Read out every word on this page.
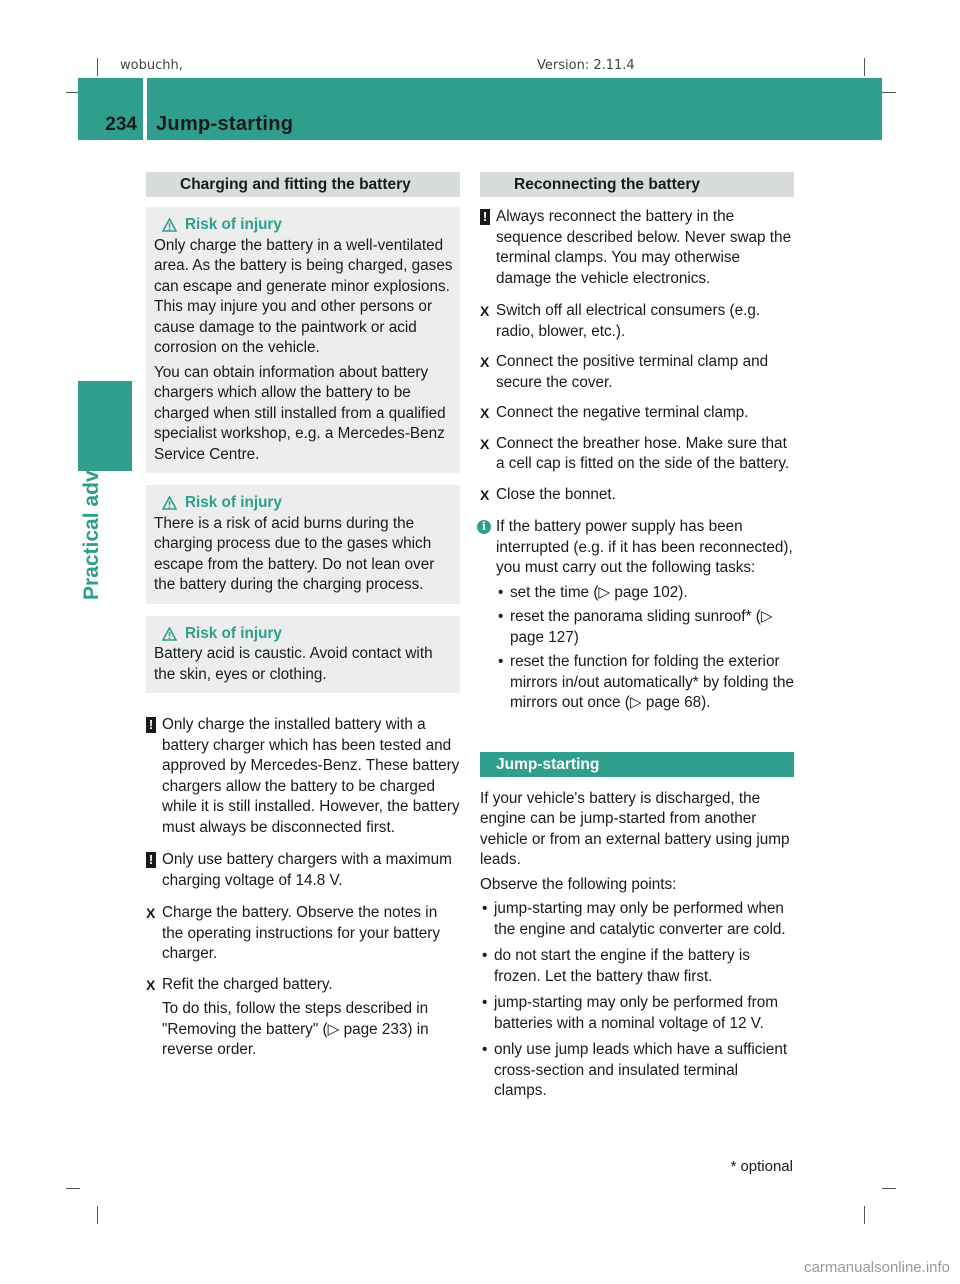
wobuchh,	Version: 2.11.4
234 Jump-starting
Practical advice
Charging and fitting the battery
Risk of injury

Only charge the battery in a well-ventilated area. As the battery is being charged, gases can escape and generate minor explosions. This may injure you and other persons or cause damage to the paintwork or acid corrosion on the vehicle.

You can obtain information about battery chargers which allow the battery to be charged when still installed from a qualified specialist workshop, e.g. a Mercedes-Benz Service Centre.

Risk of injury

There is a risk of acid burns during the charging process due to the gases which escape from the battery. Do not lean over the battery during the charging process.

Risk of injury

Battery acid is caustic. Avoid contact with the skin, eyes or clothing.

! Only charge the installed battery with a battery charger which has been tested and approved by Mercedes-Benz. These battery chargers allow the battery to be charged while it is still installed. However, the battery must always be disconnected first.
! Only use battery chargers with a maximum charging voltage of 14.8 V.
X Charge the battery. Observe the notes in the operating instructions for your battery charger.

X Refit the charged battery.

To do this, follow the steps described in "Removing the battery" (▷ page 233) in reverse order.

Reconnecting the battery
! Always reconnect the battery in the sequence described below. Never swap the terminal clamps. You may otherwise damage the vehicle electronics.
X Switch off all electrical consumers (e.g. radio, blower, etc.).

X Connect the positive terminal clamp and secure the cover.

X Connect the negative terminal clamp.

X Connect the breather hose. Make sure that a cell cap is fitted on the side of the battery.

X Close the bonnet.

i If the battery power supply has been interrupted (e.g. if it has been reconnected), you must carry out the following tasks:
• set the time (▷ page 102).
• reset the panorama sliding sunroof* (▷ page 127)
• reset the function for folding the exterior mirrors in/out automatically* by folding the mirrors out once (▷ page 68).
Jump-starting

If your vehicle's battery is discharged, the engine can be jump-started from another vehicle or from an external battery using jump leads.

Observe the following points:

• jump-starting may only be performed when the engine and catalytic converter are cold.
• do not start the engine if the battery is frozen. Let the battery thaw first.
• jump-starting may only be performed from batteries with a nominal voltage of 12 V.
• only use jump leads which have a sufficient cross-section and insulated terminal clamps.
* optional
carmanualsonline.info
